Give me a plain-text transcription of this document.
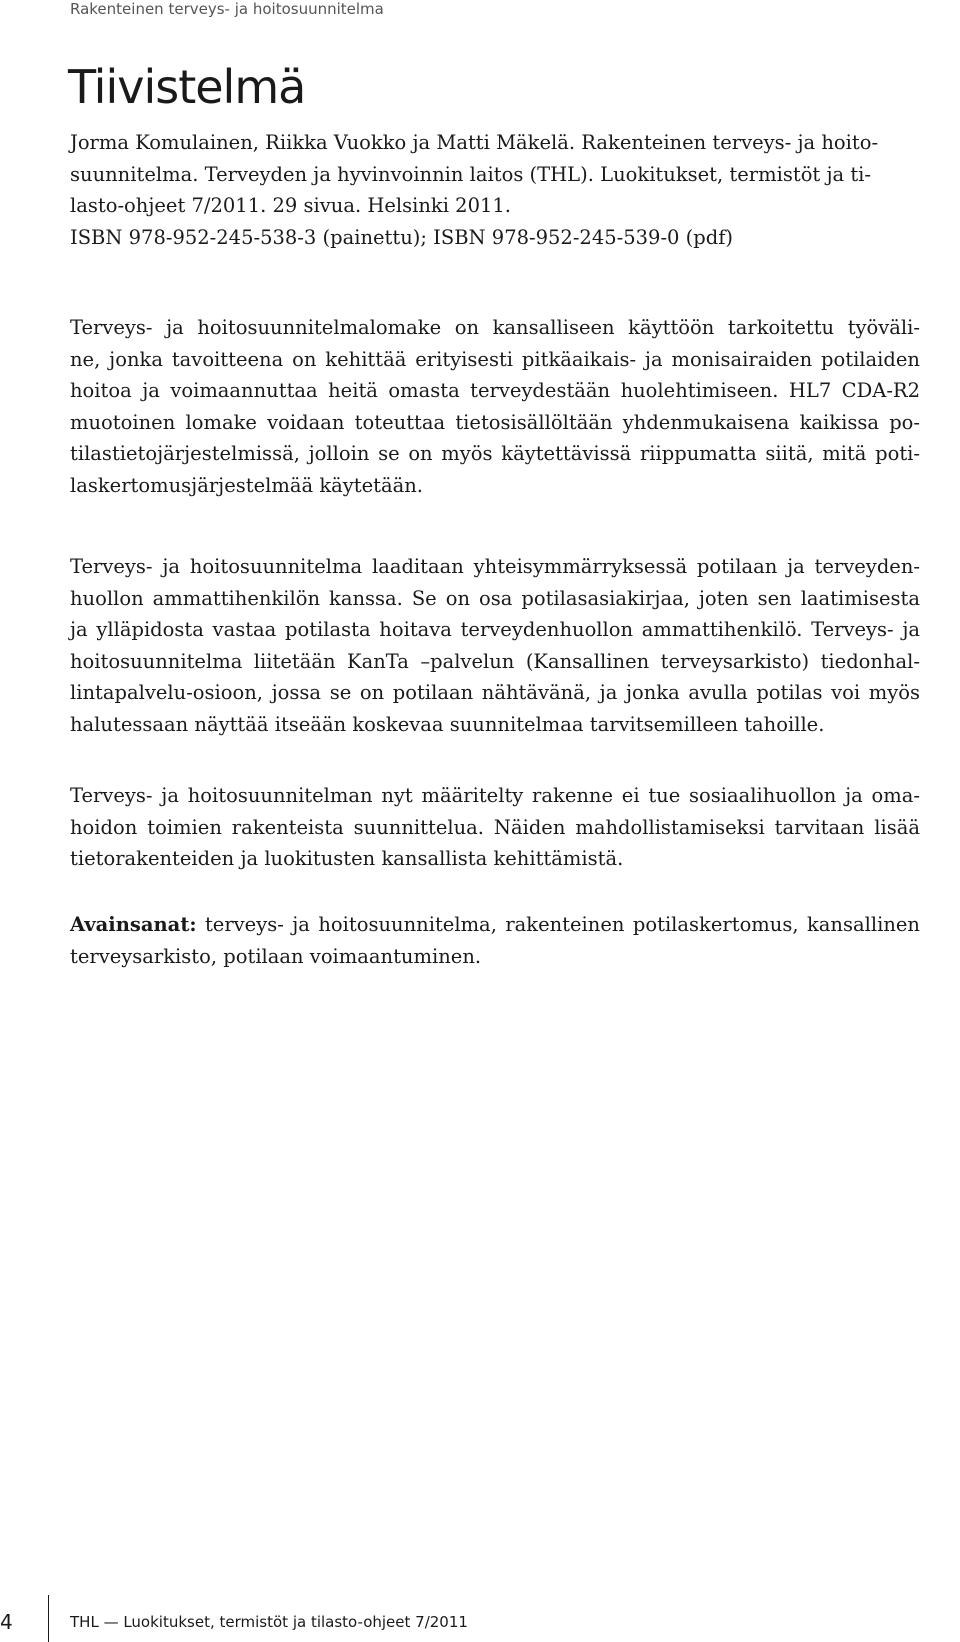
Rakenteinen terveys- ja hoitosuunnitelma
Tiivistelmä
Jorma Komulainen, Riikka Vuokko ja Matti Mäkelä. Rakenteinen terveys- ja hoito-
suunnitelma. Terveyden ja hyvinvoinnin laitos (THL). Luokitukset, termistöt ja ti-
lasto-ohjeet 7/2011. 29 sivua. Helsinki 2011.
ISBN 978-952-245-538-3 (painettu); ISBN 978-952-245-539-0 (pdf)
Terveys- ja hoitosuunnitelmalomake on kansalliseen käyttöön tarkoitettu työväli-
ne, jonka tavoitteena on kehittää erityisesti pitkäaikais- ja monisairaiden potilaiden
hoitoa ja voimaannuttaa heitä omasta terveydestään huolehtimiseen. HL7 CDA-R2
muotoinen lomake voidaan toteuttaa tietosisällöltään yhdenmukaisena kaikissa po-
tilastietojärjestelmissä, jolloin se on myös käytettävissä riippumatta siitä, mitä poti-
laskertomusjärjestelmää käytetään.
Terveys- ja hoitosuunnitelma laaditaan yhteisymmärryksessä potilaan ja terveyden-
huollon ammattihenkilön kanssa. Se on osa potilasasiakirjaa, joten sen laatimisesta
ja ylläpidosta vastaa potilasta hoitava terveydenhuollon ammattihenkilö. Terveys- ja
hoitosuunnitelma liitetään KanTa –palvelun (Kansallinen terveysarkisto) tiedonhal-
lintapalvelu-osioon, jossa se on potilaan nähtävänä, ja jonka avulla potilas voi myös
halutessaan näyttää itseään koskevaa suunnitelmaa tarvitsemilleen tahoille.
Terveys- ja hoitosuunnitelman nyt määritelty rakenne ei tue sosiaalihuollon ja oma-
hoidon toimien rakenteista suunnittelua. Näiden mahdollistamiseksi tarvitaan lisää
tietorakenteiden ja luokitusten kansallista kehittämistä.
Avainsanat: terveys- ja hoitosuunnitelma, rakenteinen potilaskertomus, kansallinen
terveysarkisto, potilaan voimaantuminen.
4	THL — Luokitukset, termistöt ja tilasto-ohjeet 7/2011
